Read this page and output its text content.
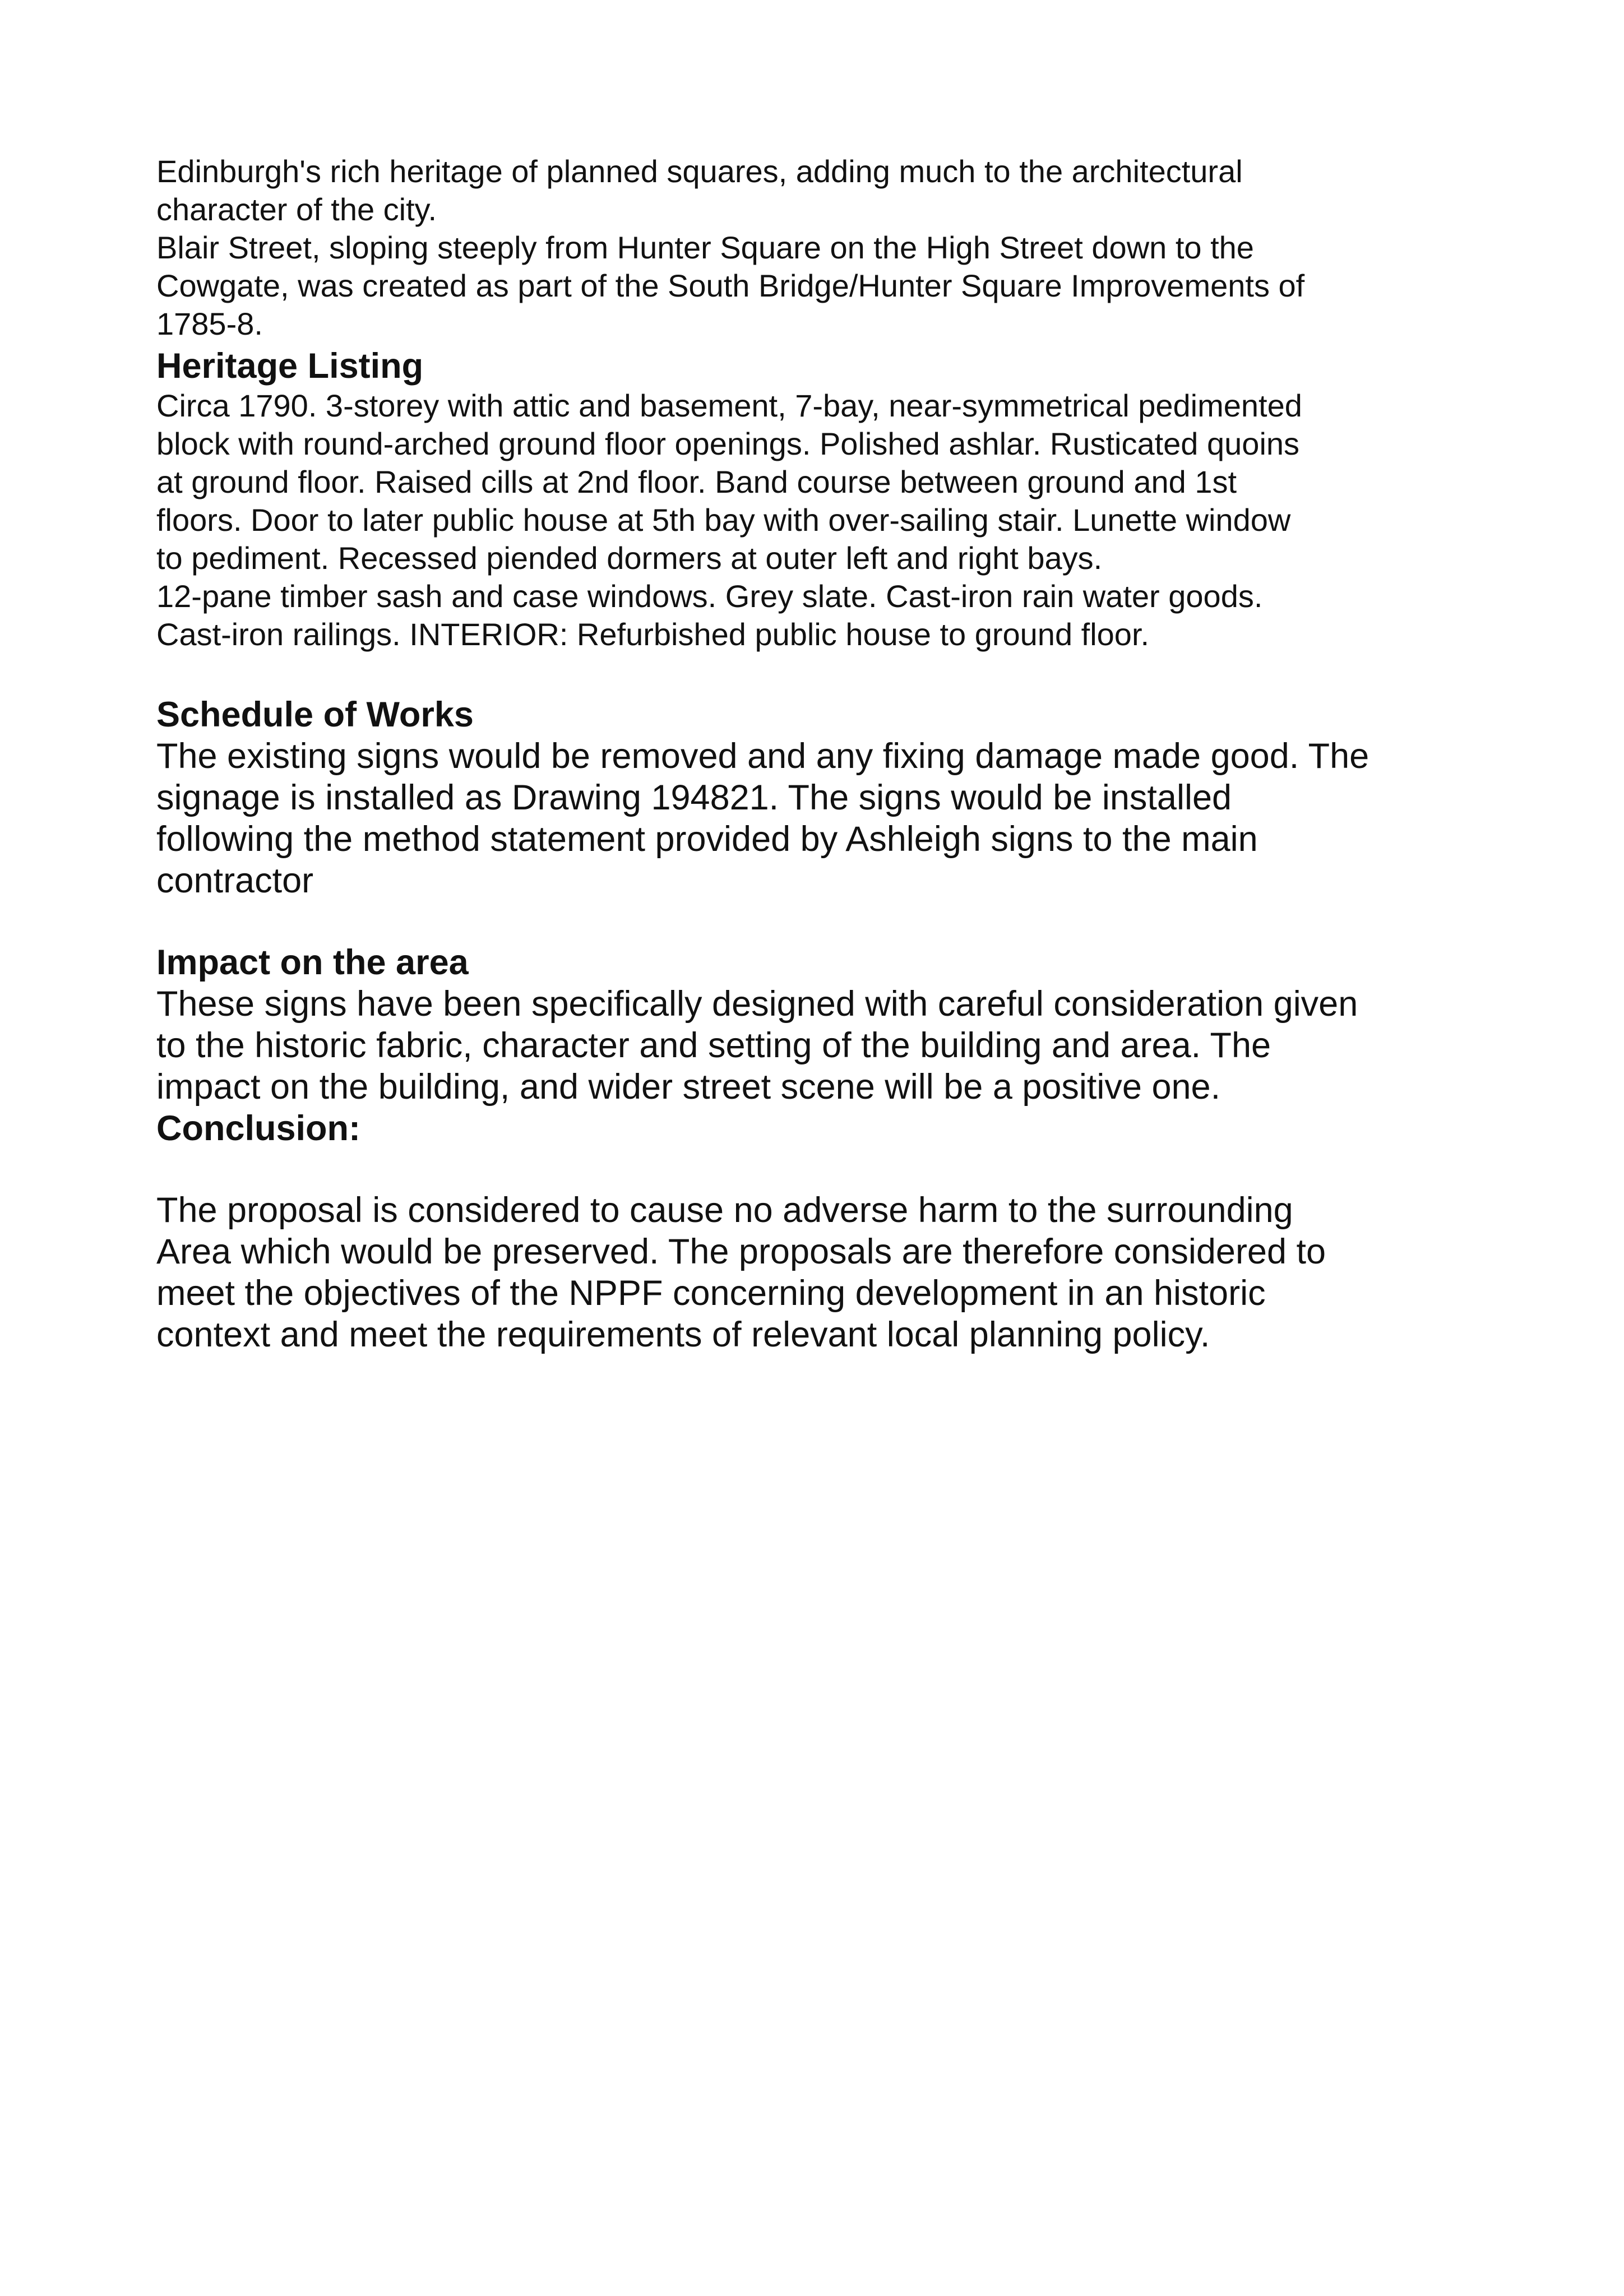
Edinburgh's rich heritage of planned squares, adding much to the architectural

character of the city.

Blair Street, sloping steeply from Hunter Square on the High Street down to the

Cowgate, was created as part of the South Bridge/Hunter Square Improvements of

1785-8.

Heritage Listing

Circa 1790. 3-storey with attic and basement, 7-bay, near-symmetrical pedimented

block with round-arched ground floor openings. Polished ashlar. Rusticated quoins

at ground floor. Raised cills at 2nd floor. Band course between ground and 1st

floors. Door to later public house at 5th bay with over-sailing stair. Lunette window

to pediment. Recessed piended dormers at outer left and right bays.

12-pane timber sash and case windows. Grey slate. Cast-iron rain water goods.

Cast-iron railings. INTERIOR: Refurbished public house to ground floor.

Schedule of Works

The existing signs would be removed and any fixing damage made good. The

signage is installed as Drawing 194821. The signs would be installed

following the method statement provided by Ashleigh signs to the main

contractor

Impact on the area

These signs have been specifically designed with careful consideration given

to the historic fabric, character and setting of the building and area. The

impact on the building, and wider street scene will be a positive one.

Conclusion:

The proposal is considered to cause no adverse harm to the surrounding

Area which would be preserved. The proposals are therefore considered to

meet the objectives of the NPPF concerning development in an historic

context and meet the requirements of relevant local planning policy.
